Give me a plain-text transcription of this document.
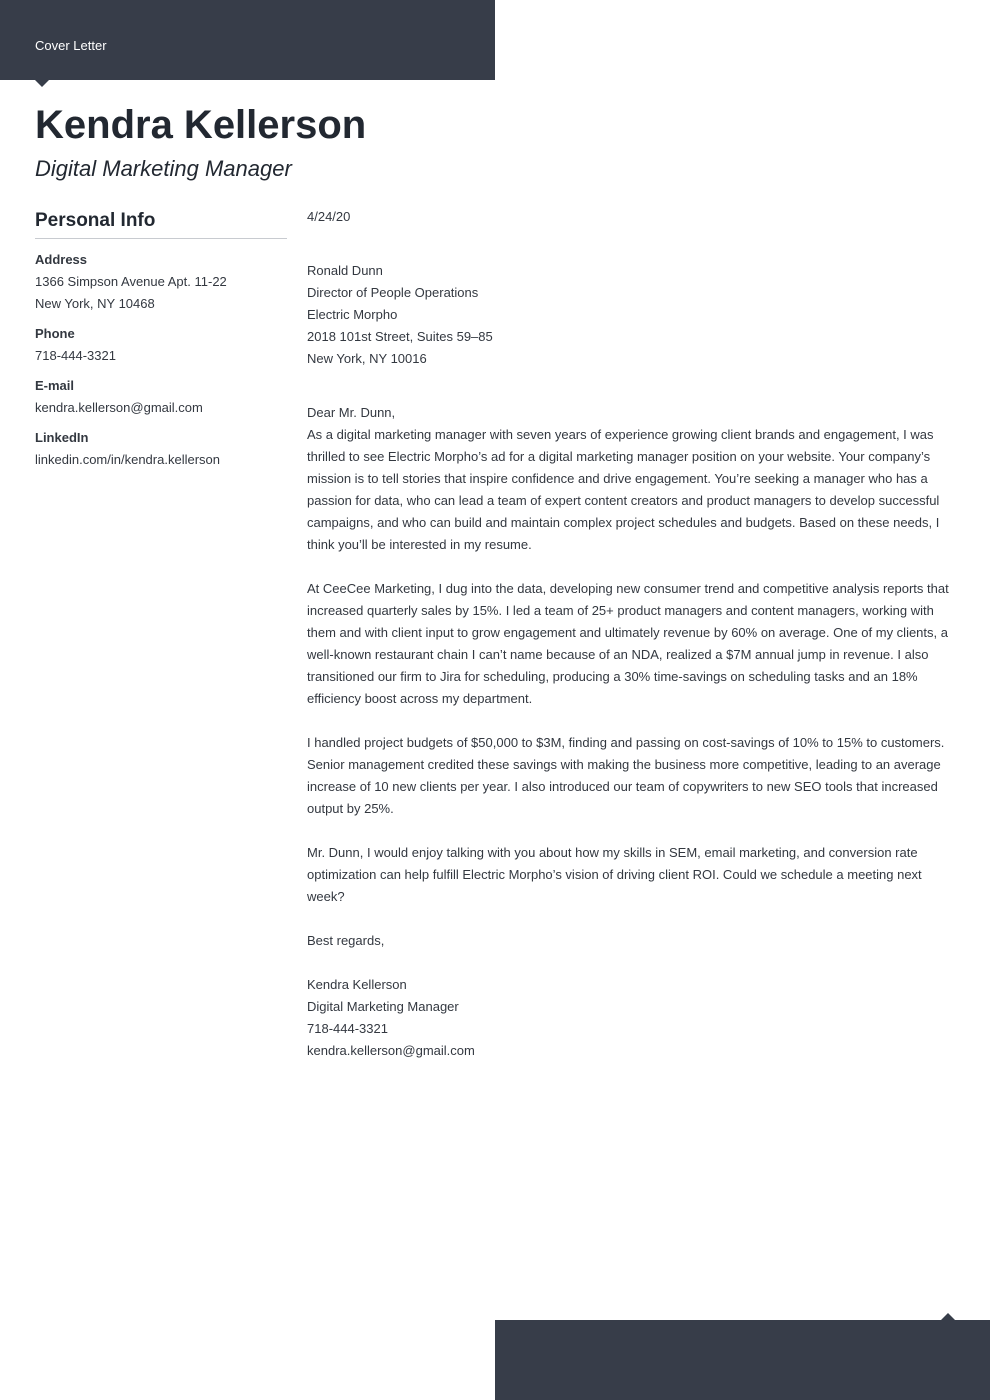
Cover Letter
Kendra Kellerson
Digital Marketing Manager
Personal Info
Address
1366 Simpson Avenue Apt. 11-22
New York, NY 10468
Phone
718-444-3321
E-mail
kendra.kellerson@gmail.com
LinkedIn
linkedin.com/in/kendra.kellerson

4/24/20

Ronald Dunn

Director of People Operations

Electric Morpho

2018 101st Street, Suites 59–85

New York, NY 10016

Dear Mr. Dunn,

As a digital marketing manager with seven years of experience growing client brands and engagement, I was thrilled to see Electric Morpho’s ad for a digital marketing manager position on your website. Your company’s mission is to tell stories that inspire confidence and drive engagement. You’re seeking a manager who has a passion for data, who can lead a team of expert content creators and product managers to develop successful campaigns, and who can build and maintain complex project schedules and budgets. Based on these needs, I think you’ll be interested in my resume.

At CeeCee Marketing, I dug into the data, developing new consumer trend and competitive analysis reports that increased quarterly sales by 15%. I led a team of 25+ product managers and content managers, working with them and with client input to grow engagement and ultimately revenue by 60% on average. One of my clients, a well-known restaurant chain I can’t name because of an NDA, realized a $7M annual jump in revenue. I also transitioned our firm to Jira for scheduling, producing a 30% time-savings on scheduling tasks and an 18% efficiency boost across my department.

I handled project budgets of $50,000 to $3M, finding and passing on cost-savings of 10% to 15% to customers. Senior management credited these savings with making the business more competitive, leading to an average increase of 10 new clients per year. I also introduced our team of copywriters to new SEO tools that increased output by 25%.

Mr. Dunn, I would enjoy talking with you about how my skills in SEM, email marketing, and conversion rate optimization can help fulfill Electric Morpho’s vision of driving client ROI. Could we schedule a meeting next week?

Best regards,

Kendra Kellerson

Digital Marketing Manager

718-444-3321

kendra.kellerson@gmail.com
